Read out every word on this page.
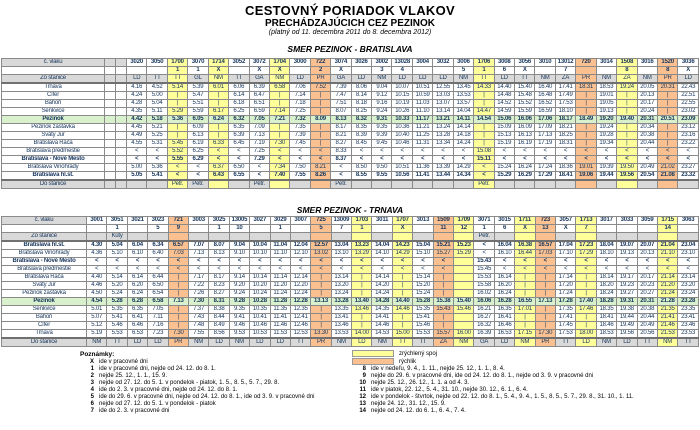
CESTOVNÝ PORIADOK VLAKOV
PRECHÁDZAJÚCICH CEZ PEZINOK
(platný od 11. decembra 2011 do 8. decembra 2012)
SMER PEZINOK - BRATISLAVA
č. vlaku			3020	3050	1700	3070	1714	3052	3072	1704	3000	722	3074	3026	3002	13028	3004	3032	3006	1706	3008	3056	3010	13012	720	3014	1508	3016	1520	3036
					1	1	X		X	X		2	X		3	4			5	1	6	X		7			8		8	X
Zo stanice			LD	TT	TT	GL	NM	TT	GA	NM	LD	PR	GA	LD	NM	LD	LD	LD	NM	TT	LD	TT	NM	ZA	PR	NM	ZA	NM	PR	LD
Trnava			4.16	4.52	5.14	5.39	6.01	6.06	6.39	6.58	7.06	7.52	7.39	8.06	9.04	10.07	10.51	12.55	13.45	14.33	14.40	15.40	16.40	17.41	18.31	18.53	19.24	20.05	20.31	22.43
Cífer			4.24	5.00	|	5.47	|	6.14	6.47	|	7.14	|	7.47	8.14	9.12	10.15	10.59	13.03	13.53	|	14.48	15.48	16.48	17.49	|	19.01	|	20.13	|	22.51
Báhoň			4.28	5.04	|	5.51	|	6.18	6.51	|	7.18	|	7.51	8.18	9.16	10.19	11.03	13.07	13.57	|	14.52	15.52	16.52	17.53	|	19.05	|	20.17	|	22.55
Šenkvice			4.35	5.11	5.29	5.59	6.17	6.25	6.59	7.14	7.25	|	8.07	8.25	9.24	10.26	11.10	13.14	14.04	14.47	14.59	15.59	16.59	18.10	|	19.13	|	20.24	|	23.02
Pezinok			4.42	5.18	5.36	6.05	6.24	6.32	7.05	7.21	7.32	8.09	8.13	8.32	9.31	10.33	11.17	13.21	14.11	14.54	15.06	16.06	17.06	18.17	18.49	19.20	19.40	20.31	20.51	23.09
Pezinok zastávka			4.45	5.21	|	6.09	|	6.35	7.09	|	7.35	|	8.17	8.35	9.35	10.36	11.21	13.24	14.14	|	15.09	16.09	17.09	18.21	|	19.24	|	20.34	|	23.12
Svätý Jur			4.49	5.25	|	6.13	|	6.39	7.13	|	7.39	|	8.21	8.39	9.39	10.40	11.25	13.28	14.18	|	15.13	16.13	17.13	18.25	|	19.28	|	20.38	|	23.16
Bratislava Rača			4.55	5.31	5.45	6.19	6.33	6.45	7.19	7.30	7.45	|	8.27	8.45	9.45	10.46	11.31	13.34	14.24	|	15.19	16.19	17.19	18.31	|	19.34	|	20.44	|	23.22
Bratislava predmestie			<	<	5.52	6.25	<	<	7.25	<	<	<	8.33	<	<	<	<	<	<	15.08	<	<	<	<	<	<	<	<	<	<
Bratislava - Nové Mesto			<	<	5.55	6.29	<	<	7.29	<	<	<	8.37	<	<	<	<	<	<	15.11	<	<	<	<	<	<	<	<	<	<
Bratislava Vinohrady			5.00	5.36	<	<	6.37	6.50	<	7.34	7.50	8.21	<	8.50	9.50	10.51	11.36	13.39	14.29	<	15.24	16.24	17.24	18.36	19.01	19.39	19.50	20.49	21.02	23.27
Bratislava hl.st.			5.05	5.41	<	<	6.43	6.55	<	7.40	7.55	8.26	<	8.55	9.55	10.56	11.41	13.44	14.34	<	15.29	16.29	17.29	18.41	19.06	19.44	19.56	20.54	21.08	23.32
Do stanice					Petr.	Petr.			Petr.				Petr.							Petr.										
SMER PEZINOK - TRNAVA
č. vlaku	3001	3051	3021	3023	721	3003	3025	13005	3027	3029	3007	725	13009	1703	3011	1707	3013	1509	1709	3071	3015	1711	723	3057	1713	3017	3033	3059	1715	3063
		1		5	9		1	10		1		5	7	1		X		11	12	1	6	X	13	X	7				14	
Zo stanice		Kúty																		Petr.										
Bratislava hl.st.	4.30	5.04	6.04	6.34	6.57	7.07	8.07	9.04	10.04	11.04	12.04	12.57	13.04	13.23	14.04	14.23	15.04	15.21	15.23	<	16.04	16.38	16.57	17.04	17.23	18.04	19.07	20.07	21.04	23.04
Bratislava Vinohrady	4.36	5.10	6.10	6.40	7.03	7.13	8.13	9.10	10.10	11.10	12.10	13.02	13.10	13.29	14.10	14.29	15.10	15.27	15.29	<	16.10	16.44	17.03	17.10	17.29	18.10	19.13	20.13	21.10	23.10
Bratislava - Nové Mesto	<	<	<	<	<	<	<	<	<	<	<	<	<	<	<	<	<	<		15.43	<	<	<	<	<	<	<	<	<	<
Bratislava predmestie	<	<	<	<	<	<	<	<	<	<	<	<	<	<	<	<	<	<		15.45	<	<	<	<	<	<	<	<	<	<
Bratislava Rača	4.40	5.14	6.14	6.44	|	7.17	8.17	9.14	10.14	11.14	12.14	|	13.14	|	14.14	|	15.14	|		15.53	16.14	|	|	17.14	|	18.14	19.17	20.17	21.14	23.14
Svätý Jur	4.46	5.20	6.20	6.50	|	7.22	8.23	9.20	10.20	11.20	12.20	|	13.20	|	14.20	|	15.20	|		15.58	16.20	|	|	17.20	|	18.20	19.23	20.23	21.20	23.20
Pezinok zastávka	4.50	5.24	6.24	6.54	|	7.26	8.27	9.24	10.24	11.24	12.24	|	13.24	|	14.24	|	15.24	|		16.02	16.24	|	|	17.24	|	18.24	19.27	20.27	21.24	23.24
Pezinok	4.54	5.28	6.28	6.58	7.13	7.30	8.31	9.28	10.28	11.28	12.28	13.13	13.28	13.40	14.28	14.40	15.28	15.38	15.40	16.06	16.28	16.55	17.13	17.28	17.40	18.28	19.31	20.31	21.28	23.28
Šenkvice	5.01	5.35	6.35	7.05	|	7.37	8.38	9.35	10.35	11.35	12.35	|	13.35	13.46	14.35	14.46	15.35	15.43	15.46	16.21	16.35	17.01	|	17.35	17.46	18.35	19.38	20.38	21.35	23.35
Báhoň	5.07	5.41	6.41	7.11	|	7.43	8.44	9.41	10.41	11.41	12.41	|	13.41	|	14.41	|	15.41	|		16.27	16.41	|	|	17.41	|	18.41	19.44	20.44	21.41	23.41
Cífer	5.12	5.46	6.46	7.16	|	7.48	8.49	9.46	10.46	11.46	12.46	|	13.46	|	14.46	|	15.46	|		16.32	16.46	|	|	17.45	|	18.46	19.49	20.49	21.46	23.46
Trnava	5.19	5.53	6.53	7.23	7.30	7.55	8.56	9.53	10.53	11.53	12.53	13.30	13.53	14.00	14.53	15.00	15.53	15.57	16.00	16.39	16.53	17.15	17.30	17.53	18.00	18.53	19.56	20.56	21.53	23.53
Do stanice	NM	TT	LD	LD	PR	NM	LD	NM	LD	LD	TT	PR	NM	LD	NM	TT	TT	ZA	NM	GA	LD	NM	PR	TT	LD	NM	LD	TT	NM	TT
Poznámky:
X ide v pracovné dni
1 ide v pracovné dni, nejde od 24. 12. do 8. 1.
2 nejde 25. 12., 1. 1., 15. 9.
3 nejde od 27. 12. do 5. 1. v pondelok - piatok, 1. 5., 8. 5., 5. 7., 29. 8.
4 ide do 2. 3. v pracovné dni, nejde od 24. 12. do 8. 1.
5 ide do 29. 6. v pracovné dni, nejde od 24. 12. do 8. 1., ide od 3. 9. v pracovné dni
6 nejde od 27. 12. do 5. 1. v pondelok - piatok
7 ide do 2. 3. v pracovné dni
zrýchlený spoj
rýchlik
8 ide v nedeľu, 9. 4., 1. 11., nejde 25. 12., 1. 1., 8. 4.
9 nejde do 29. 6. v pracovné dni, ide od 24. 12. do 8. 1., nejde od 3. 9. v pracovné dni
10 nejde 25. 12., 26. 12., 1. 1. a od 4. 3.
11 ide v piatok, 22. 12., 5. 4., 31. 10., nejde 30. 12., 6. 1., 6. 4.
12 ide v pondelok - štvrtok, nejde od 22. 12. do 8. 1., 5. 4., 9. 4., 1. 5., 8. 5., 5. 7., 29. 8., 31. 10., 1. 11.
13 nejde 24. 12., 31. 12., 15. 9.
14 nejde od 24. 12. do 6. 1., 6. 4., 7. 4.
